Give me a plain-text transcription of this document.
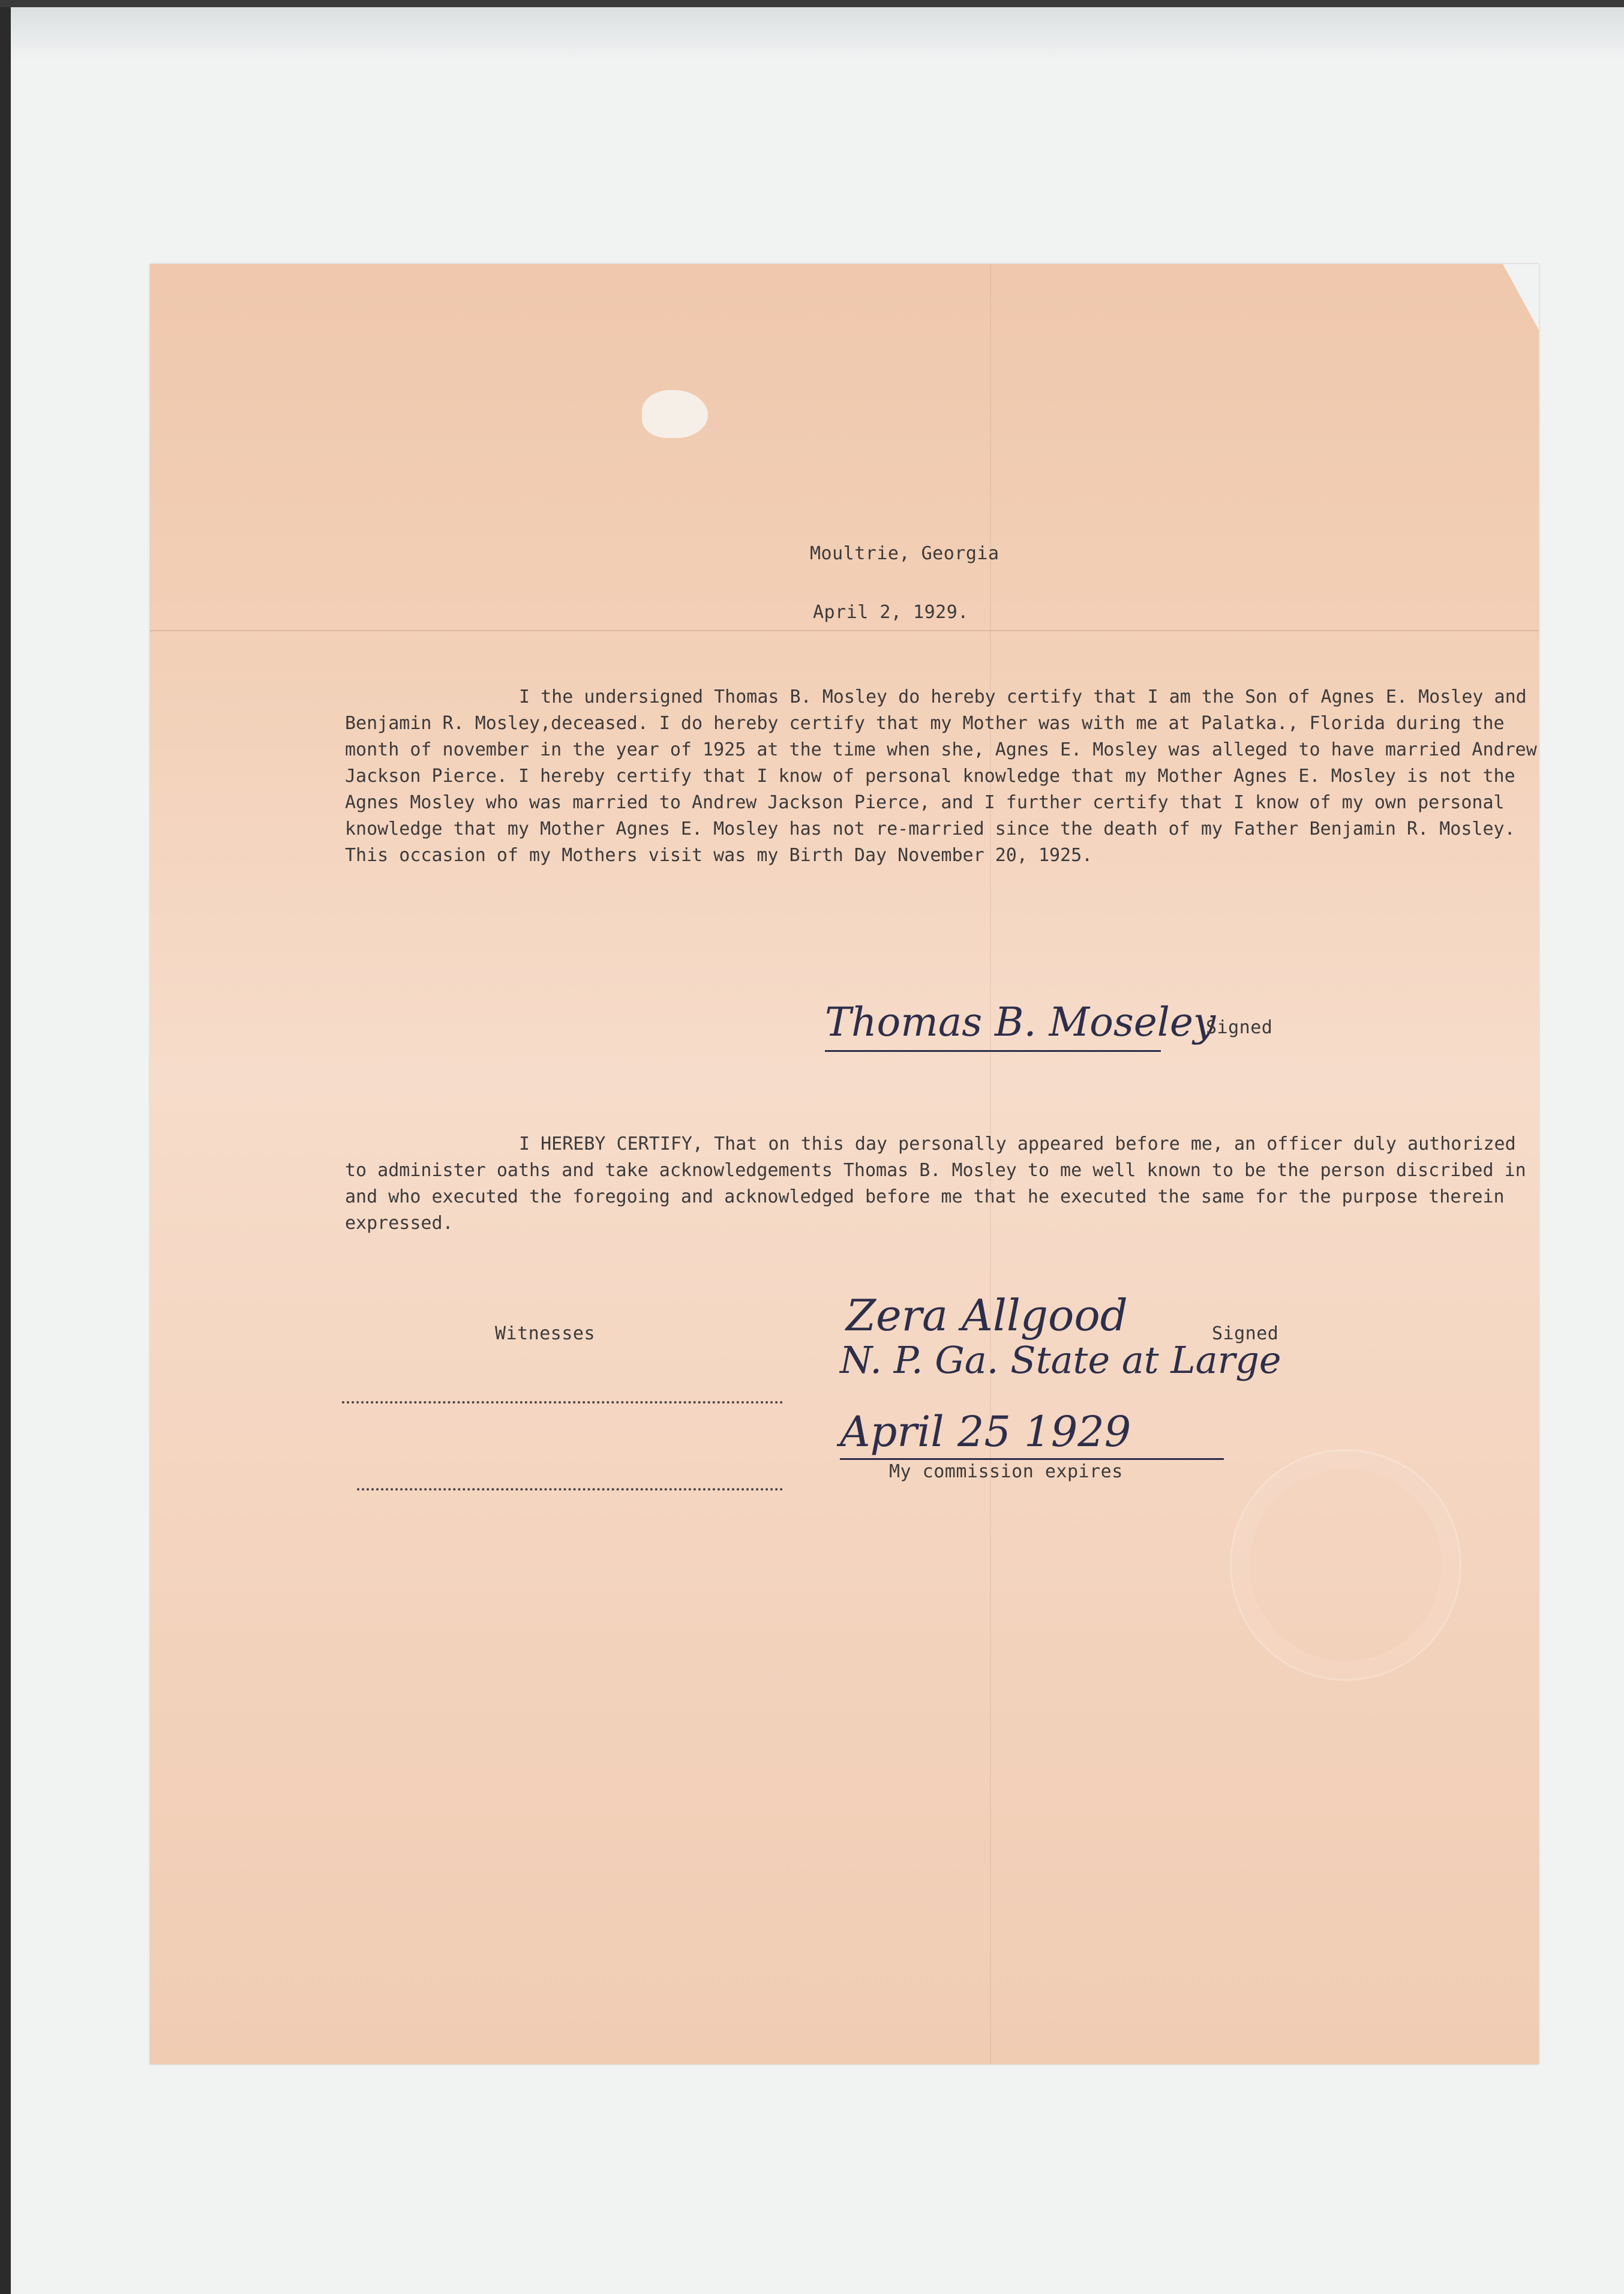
Moultrie, Georgia

April 2, 1929.

I the undersigned Thomas B. Mosley do hereby certify that I am the Son of Agnes E. Mosley and Benjamin R. Mosley,deceased. I do hereby certify that my Mother was with me at Palatka., Florida during the month of november in the year of 1925 at the time when she, Agnes E. Mosley was alleged to have married Andrew Jackson Pierce. I hereby certify that I know of personal knowledge that my Mother Agnes E. Mosley is not the Agnes Mosley who was married to Andrew Jackson Pierce, and I further certify that I know of my own personal knowledge that my Mother Agnes E. Mosley has not re-married since the death of my Father Benjamin R. Mosley. This occasion of my Mothers visit was my Birth Day November 20, 1925.

Thomas B. Moseley

Signed

I HEREBY CERTIFY, That on this day personally appeared before me, an officer duly authorized to administer oaths and take acknowledgements Thomas B. Mosley to me well known to be the person discribed in and who executed the foregoing and acknowledged before me that he executed the same for the purpose therein expressed.

Witnesses	Zera Allgood	Signed

N. P. Ga. State at Large
April 25 1929

My commission expires
